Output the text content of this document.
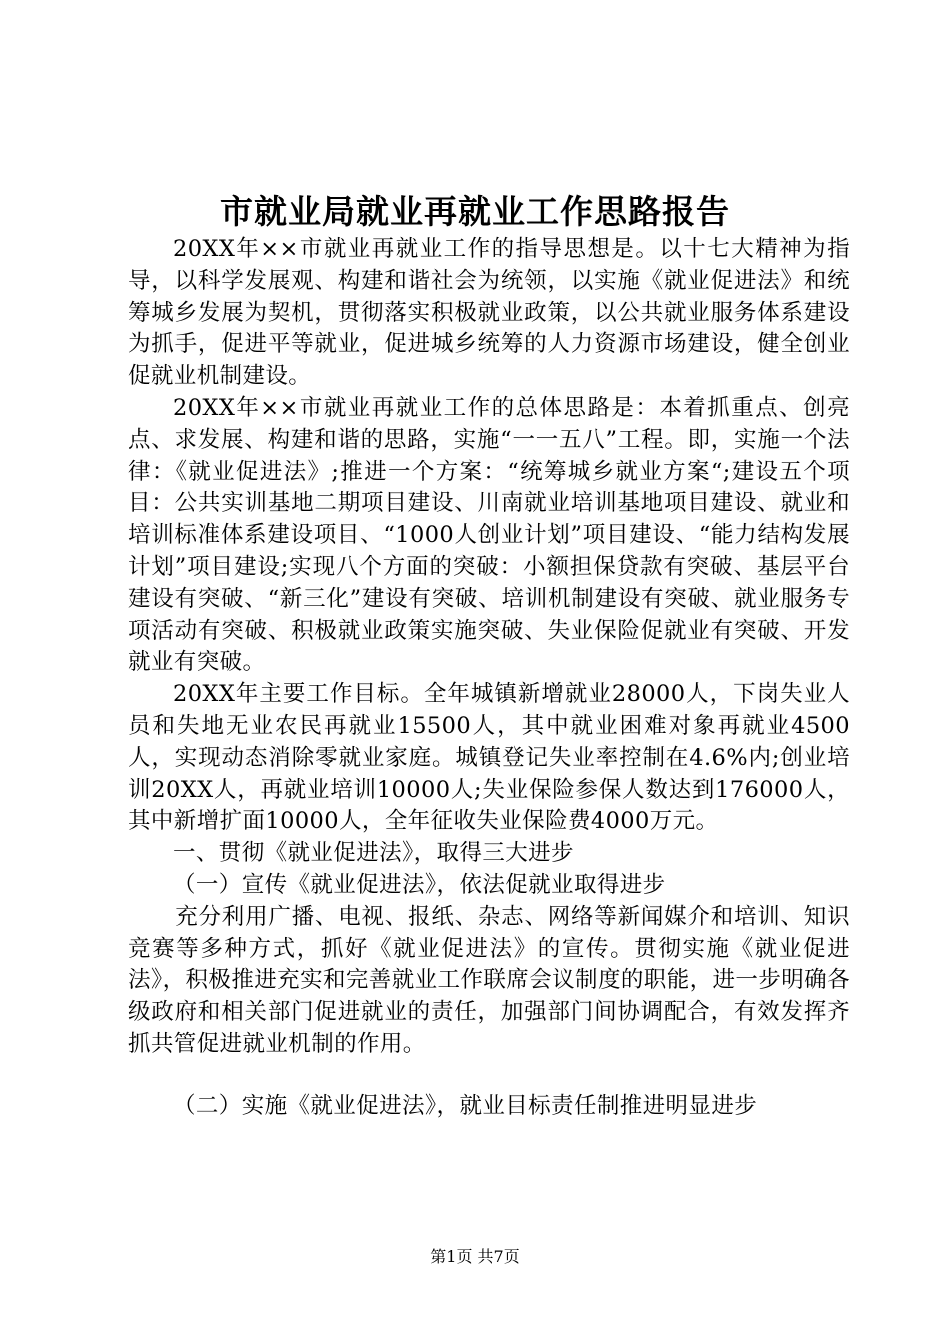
市就业局就业再就业工作思路报告

20XX年××市就业再就业工作的指导思想是。以十七大精神为指导，以科学发展观、构建和谐社会为统领，以实施《就业促进法》和统筹城乡发展为契机，贯彻落实积极就业政策，以公共就业服务体系建设为抓手，促进平等就业，促进城乡统筹的人力资源市场建设，健全创业促就业机制建设。

20XX年××市就业再就业工作的总体思路是：本着抓重点、创亮点、求发展、构建和谐的思路，实施“一一五八”工程。即，实施一个法律：《就业促进法》;推进一个方案：“统筹城乡就业方案“;建设五个项目：公共实训基地二期项目建设、川南就业培训基地项目建设、就业和培训标准体系建设项目、“1000人创业计划”项目建设、“能力结构发展计划”项目建设;实现八个方面的突破：小额担保贷款有突破、基层平台建设有突破、“新三化”建设有突破、培训机制建设有突破、就业服务专项活动有突破、积极就业政策实施突破、失业保险促就业有突破、开发就业有突破。

20XX年主要工作目标。全年城镇新增就业28000人，下岗失业人员和失地无业农民再就业15500人，其中就业困难对象再就业4500人，实现动态消除零就业家庭。城镇登记失业率控制在4.6%内;创业培训20XX人，再就业培训10000人;失业保险参保人数达到176000人，其中新增扩面10000人，全年征收失业保险费4000万元。

一、贯彻《就业促进法》，取得三大进步

（一）宣传《就业促进法》，依法促就业取得进步

充分利用广播、电视、报纸、杂志、网络等新闻媒介和培训、知识竞赛等多种方式，抓好《就业促进法》的宣传。贯彻实施《就业促进法》，积极推进充实和完善就业工作联席会议制度的职能，进一步明确各级政府和相关部门促进就业的责任，加强部门间协调配合，有效发挥齐抓共管促进就业机制的作用。

（二）实施《就业促进法》，就业目标责任制推进明显进步

第1页 共7页
